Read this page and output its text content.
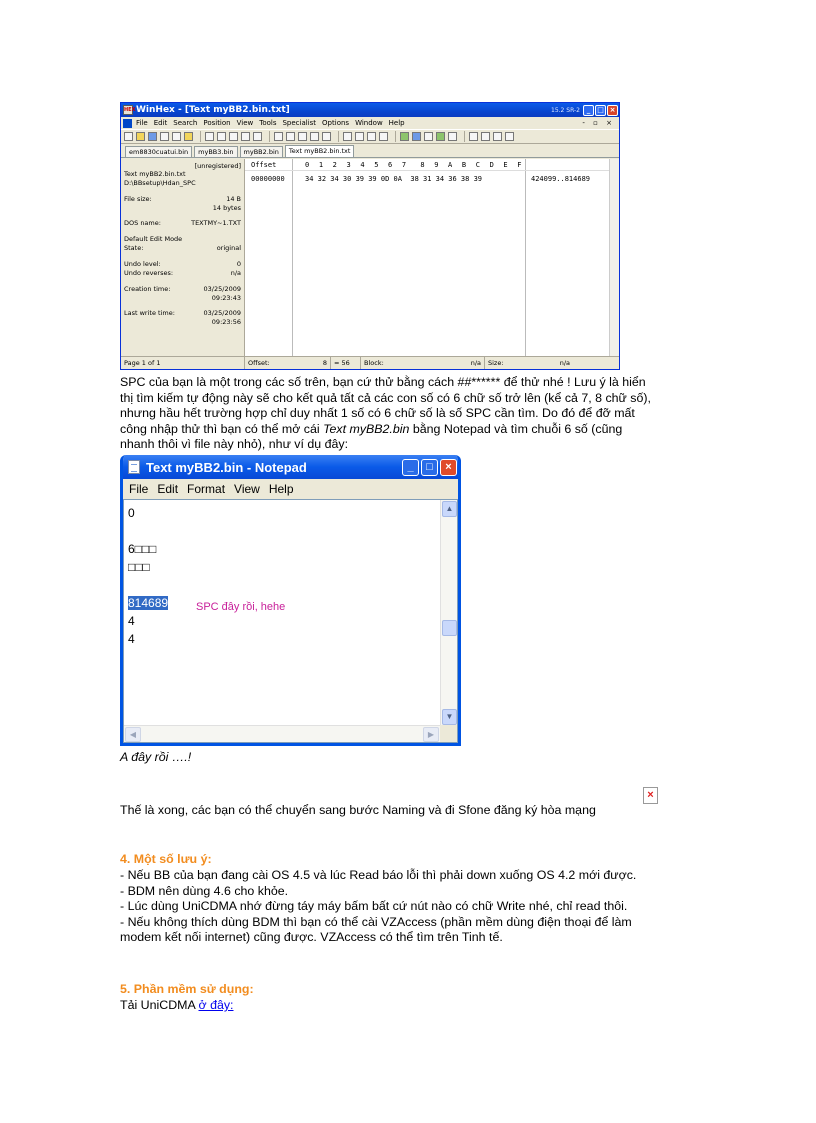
HEX WinHex - [Text myBB2.bin.txt]	15.2 SR-2 _ □ ×
File Edit Search Position View Tools Specialist Options Window Help	- ▫ ×
em8830cuatui.bin	myBB3.bin	myBB2.bin	Text myBB2.bin.txt
[unregistered]
Text myBB2.bin.txt
D:\BBsetup\Hdan_SPC
File size:	14 B
14 bytes
DOS name:	TEXTMY~1.TXT
Default Edit Mode
State:	original
Undo level:	0
Undo reverses:	n/a
Creation time:	03/25/2009
09:23:43
Last write time:	03/25/2009
09:23:56
Offset	0  1  2  3  4  5  6  7   8  9  A  B  C  D  E  F
00000000	34 32 34 30 39 39 0D 0A  38 31 34 36 38 39	424099..814689
Page 1 of 1	Offset:	8 = 56 Block:	n/a Size:	n/a
SPC của bạn là một trong các số trên, bạn cứ thử bằng cách ##****** để thử nhé ! Lưu ý là hiển
thị tìm kiếm tự động này sẽ cho kết quả tất cả các con số có 6 chữ số trở lên (kể cả 7, 8 chữ số),
nhưng hầu hết trường hợp chỉ duy nhất 1 số có 6 chữ số là số SPC cần tìm. Do đó để đỡ mất
công nhập thử thì bạn có thể mở cái Text myBB2.bin bằng Notepad và tìm chuỗi 6 số (cũng
nhanh thôi vì file này nhỏ), như ví dụ đây:
Text myBB2.bin - Notepad	_	□	×
File Edit Format View Help
0
6□□□
□□□
814689
4
4
SPC đây rồi, hehe
▲
▼
◀	▶
A đây rồi ….!
Thế là xong, các bạn có thể chuyển sang bước Naming và đi Sfone đăng ký hòa mạng
×
4. Một số lưu ý:
- Nếu BB của bạn đang cài OS 4.5 và lúc Read báo lỗi thì phải down xuống OS 4.2 mới được.
- BDM nên dùng 4.6 cho khỏe.
- Lúc dùng UniCDMA nhớ đừng táy máy bấm bất cứ nút nào có chữ Write nhé, chỉ read thôi.
- Nếu không thích dùng BDM thì bạn có thể cài VZAccess (phần mềm dùng điện thoại để làm
modem kết nối internet) cũng được. VZAccess có thể tìm trên Tinh tế.
5. Phần mềm sử dụng:
Tải UniCDMA ở đây:
